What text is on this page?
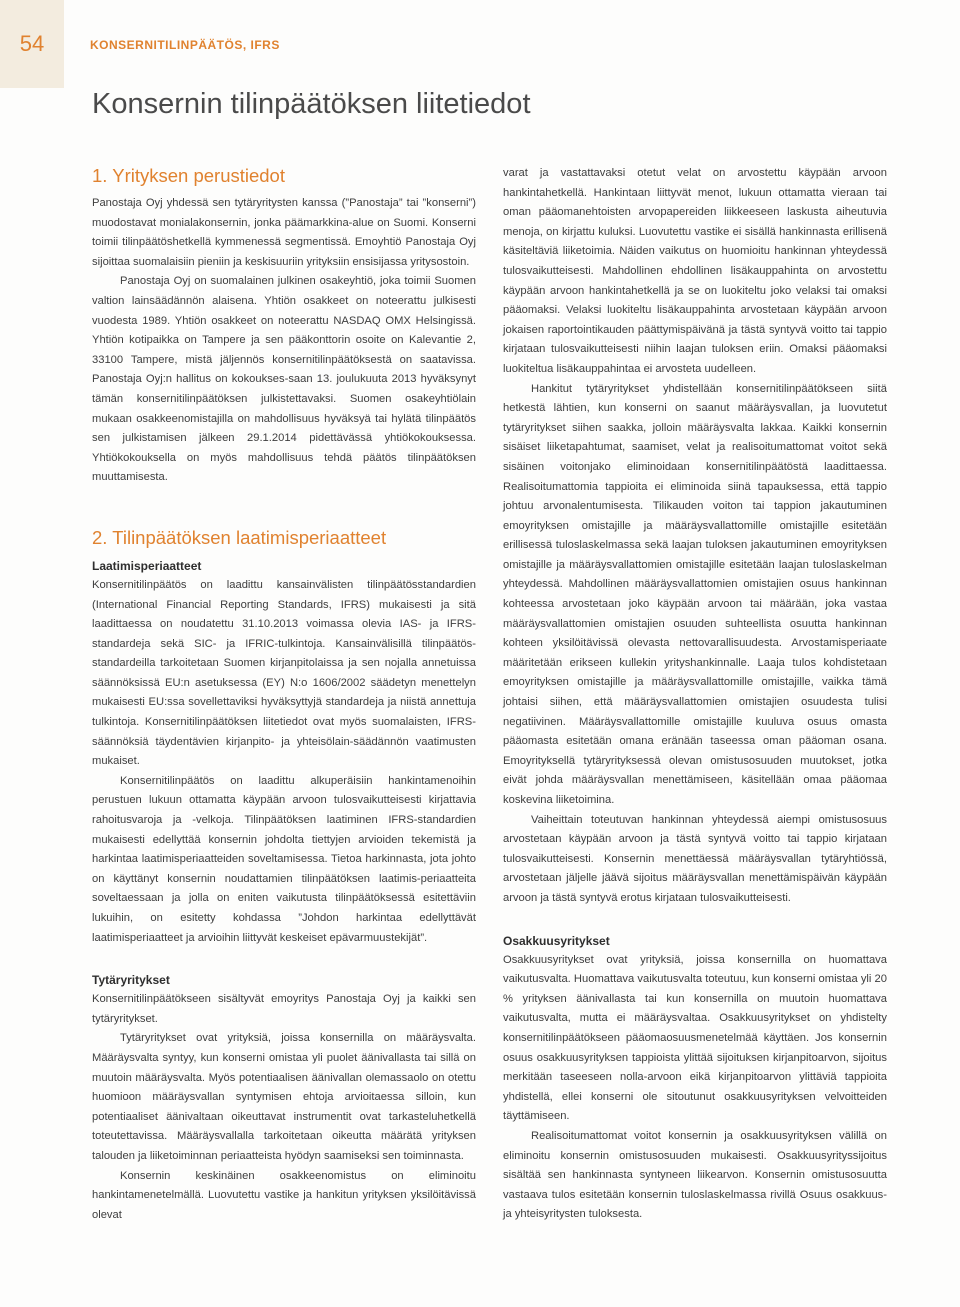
54	KONSERNITILINPÄÄTÖS, IFRS
Konsernin tilinpäätöksen liitetiedot
1. Yrityksen perustiedot

Panostaja Oyj yhdessä sen tytäryritysten kanssa (”Panostaja” tai ”konserni”) muodostavat monialakonsernin, jonka päämarkkina-alue on Suomi. Konserni toimii tilinpäätöshetkellä kymmenessä segmentissä. Emoyhtiö Panostaja Oyj sijoittaa suomalaisiin pieniin ja keskisuuriin yrityksiin ensisijassa yritysostoin.

Panostaja Oyj on suomalainen julkinen osakeyhtiö, joka toimii Suomen valtion lainsäädännön alaisena. Yhtiön osakkeet on noteerattu julkisesti vuodesta 1989. Yhtiön osakkeet on noteerattu NASDAQ OMX Helsingissä. Yhtiön kotipaikka on Tampere ja sen pääkonttorin osoite on Kalevantie 2, 33100 Tampere, mistä jäljennös konsernitilinpäätöksestä on saatavissa. Panostaja Oyj:n hallitus on kokoukses-saan 13. joulukuuta 2013 hyväksynyt tämän konsernitilinpäätöksen julkistettavaksi. Suomen osakeyhtiölain mukaan osakkeenomistajilla on mahdollisuus hyväksyä tai hylätä tilinpäätös sen julkistamisen jälkeen 29.1.2014 pidettävässä yhtiökokouksessa. Yhtiökokouksella on myös mahdollisuus tehdä päätös tilinpäätöksen muuttamisesta.

2. Tilinpäätöksen laatimisperiaatteet
Laatimisperiaatteet

Konsernitilinpäätös on laadittu kansainvälisten tilinpäätösstandardien (International Financial Reporting Standards, IFRS) mukaisesti ja sitä laadittaessa on noudatettu 31.10.2013 voimassa olevia IAS- ja IFRS-standardeja sekä SIC- ja IFRIC-tulkintoja. Kansainvälisillä tilinpäätös-standardeilla tarkoitetaan Suomen kirjanpitolaissa ja sen nojalla annetuissa säännöksissä EU:n asetuksessa (EY) N:o 1606/2002 säädetyn menettelyn mukaisesti EU:ssa sovellettaviksi hyväksyttyjä standardeja ja niistä annettuja tulkintoja. Konsernitilinpäätöksen liitetiedot ovat myös suomalaisten, IFRS-säännöksiä täydentävien kirjanpito- ja yhteisölain-säädännön vaatimusten mukaiset.

Konsernitilinpäätös on laadittu alkuperäisiin hankintamenoihin perustuen lukuun ottamatta käypään arvoon tulosvaikutteisesti kirjattavia rahoitusvaroja ja -velkoja. Tilinpäätöksen laatiminen IFRS-standardien mukaisesti edellyttää konsernin johdolta tiettyjen arvioiden tekemistä ja harkintaa laatimisperiaatteiden soveltamisessa. Tietoa harkinnasta, jota johto on käyttänyt konsernin noudattamien tilinpäätöksen laatimis-periaatteita soveltaessaan ja jolla on eniten vaikutusta tilinpäätöksessä esitettäviin lukuihin, on esitetty kohdassa ”Johdon harkintaa edellyttävät laatimisperiaatteet ja arvioihin liittyvät keskeiset epävarmuustekijät”.

Tytäryritykset

Konsernitilinpäätökseen sisältyvät emoyritys Panostaja Oyj ja kaikki sen tytäryritykset.

Tytäryritykset ovat yrityksiä, joissa konsernilla on määräysvalta. Määräysvalta syntyy, kun konserni omistaa yli puolet äänivallasta tai sillä on muutoin määräysvalta. Myös potentiaalisen äänivallan olemassaolo on otettu huomioon määräysvallan syntymisen ehtoja arvioitaessa silloin, kun potentiaaliset äänivaltaan oikeuttavat instrumentit ovat tarkasteluhetkellä toteutettavissa. Määräysvallalla tarkoitetaan oikeutta määrätä yrityksen talouden ja liiketoiminnan periaatteista hyödyn saamiseksi sen toiminnasta.

Konsernin keskinäinen osakkeenomistus on eliminoitu hankintamenetelmällä. Luovutettu vastike ja hankitun yrityksen yksilöitävissä olevat

varat ja vastattavaksi otetut velat on arvostettu käypään arvoon hankintahetkellä. Hankintaan liittyvät menot, lukuun ottamatta vieraan tai oman pääomanehtoisten arvopapereiden liikkeeseen laskusta aiheutuvia menoja, on kirjattu kuluksi. Luovutettu vastike ei sisällä hankinnasta erillisenä käsiteltäviä liiketoimia. Näiden vaikutus on huomioitu hankinnan yhteydessä tulosvaikutteisesti. Mahdollinen ehdollinen lisäkauppahinta on arvostettu käypään arvoon hankintahetkellä ja se on luokiteltu joko velaksi tai omaksi pääomaksi. Velaksi luokiteltu lisäkauppahinta arvostetaan käypään arvoon jokaisen raportointikauden päättymispäivänä ja tästä syntyvä voitto tai tappio kirjataan tulosvaikutteisesti niihin laajan tuloksen eriin. Omaksi pääomaksi luokiteltua lisäkauppahintaa ei arvosteta uudelleen.

Hankitut tytäryritykset yhdistellään konsernitilinpäätökseen siitä hetkestä lähtien, kun konserni on saanut määräysvallan, ja luovutetut tytäryritykset siihen saakka, jolloin määräysvalta lakkaa. Kaikki konsernin sisäiset liiketapahtumat, saamiset, velat ja realisoitumattomat voitot sekä sisäinen voitonjako eliminoidaan konsernitilinpäätöstä laadittaessa. Realisoitumattomia tappioita ei eliminoida siinä tapauksessa, että tappio johtuu arvonalentumisesta. Tilikauden voiton tai tappion jakautuminen emoyrityksen omistajille ja määräysvallattomille omistajille esitetään erillisessä tuloslaskelmassa sekä laajan tuloksen jakautuminen emoyrityksen omistajille ja määräysvallattomien omistajille esitetään laajan tuloslaskelman yhteydessä. Mahdollinen määräysvallattomien omistajien osuus hankinnan kohteessa arvostetaan joko käypään arvoon tai määrään, joka vastaa määräysvallattomien omistajien osuuden suhteellista osuutta hankinnan kohteen yksilöitävissä olevasta nettovarallisuudesta. Arvostamisperiaate määritetään erikseen kullekin yrityshankinnalle. Laaja tulos kohdistetaan emoyrityksen omistajille ja määräysvallattomille omistajille, vaikka tämä johtaisi siihen, että määräysvallattomien omistajien osuudesta tulisi negatiivinen. Määräysvallattomille omistajille kuuluva osuus omasta pääomasta esitetään omana eränään taseessa oman pääoman osana. Emoyrityksellä tytäryrityksessä olevan omistusosuuden muutokset, jotka eivät johda määräysvallan menettämiseen, käsitellään omaa pääomaa koskevina liiketoimina.

Vaiheittain toteutuvan hankinnan yhteydessä aiempi omistusosuus arvostetaan käypään arvoon ja tästä syntyvä voitto tai tappio kirjataan tulosvaikutteisesti. Konsernin menettäessä määräysvallan tytäryhtiössä, arvostetaan jäljelle jäävä sijoitus määräysvallan menettämispäivän käypään arvoon ja tästä syntyvä erotus kirjataan tulosvaikutteisesti.

Osakkuusyritykset

Osakkuusyritykset ovat yrityksiä, joissa konsernilla on huomattava vaikutusvalta. Huomattava vaikutusvalta toteutuu, kun konserni omistaa yli 20 % yrityksen äänivallasta tai kun konsernilla on muutoin huomattava vaikutusvalta, mutta ei määräysvaltaa. Osakkuusyritykset on yhdistelty konsernitilinpäätökseen pääomaosuusmenetelmää käyttäen. Jos konsernin osuus osakkuusyrityksen tappioista ylittää sijoituksen kirjanpitoarvon, sijoitus merkitään taseeseen nolla-arvoon eikä kirjanpitoarvon ylittäviä tappioita yhdistellä, ellei konserni ole sitoutunut osakkuusyrityksen velvoitteiden täyttämiseen.

Realisoitumattomat voitot konsernin ja osakkuusyrityksen välillä on eliminoitu konsernin omistusosuuden mukaisesti. Osakkuusyrityssijoitus sisältää sen hankinnasta syntyneen liikearvon. Konsernin omistusosuutta vastaava tulos esitetään konsernin tuloslaskelmassa rivillä Osuus osakkuus- ja yhteisyritysten tuloksesta.
